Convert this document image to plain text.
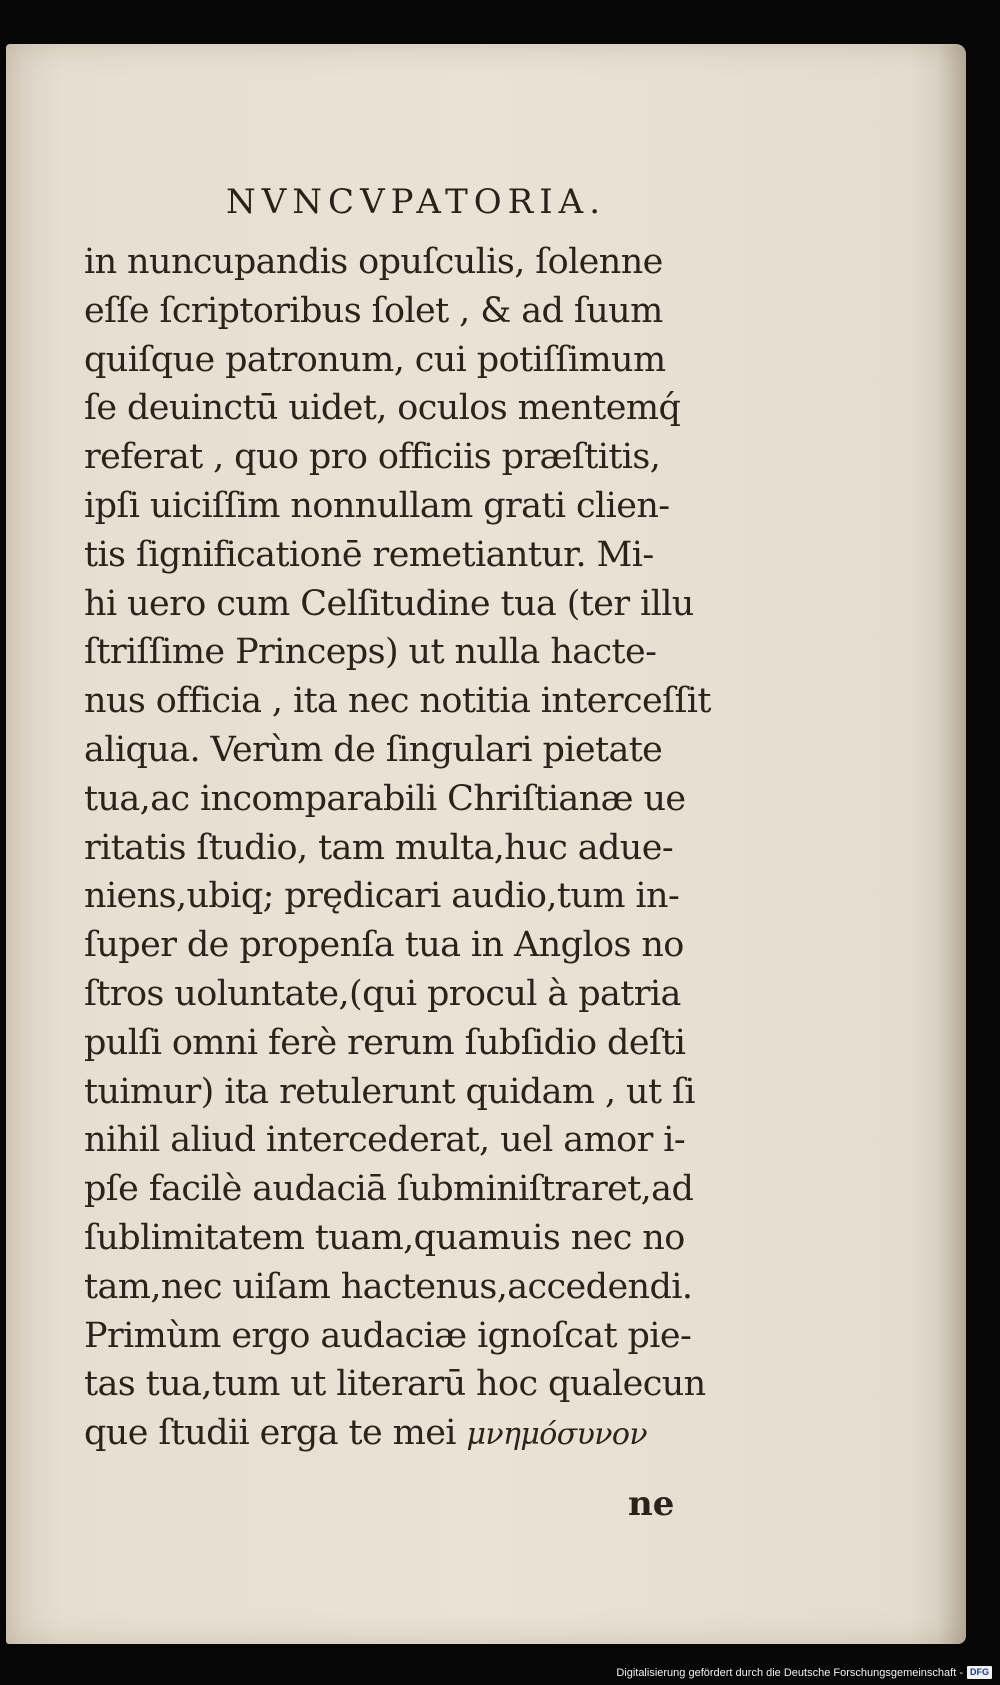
NVNCVPATORIA.
in nuncupandis opuſculis, ſolenne
eſſe ſcriptoribus ſolet , & ad ſuum
quiſque patronum, cui potiſſimum
ſe deuinctū uidet, oculos mentemq́
referat , quo pro officiis præſtitis,
ipſi uiciſſim nonnullam grati clien-
tis ſignificationē remetiantur. Mi-
hi uero cum Celſitudine tua (ter illu
ſtriſſime Princeps) ut nulla hacte-
nus officia , ita nec notitia interceſſit
aliqua. Verùm de ſingulari pietate
tua,ac incomparabili Chriſtianæ ue
ritatis ſtudio, tam multa,huc adue-
niens,ubiq; prędicari audio,tum in-
ſuper de propenſa tua in Anglos no
ſtros uoluntate,(qui procul à patria
pulſi omni ferè rerum ſubſidio deſti
tuimur) ita retulerunt quidam , ut ſi
nihil aliud intercederat, uel amor i-
pſe facilè audaciā ſubminiſtraret,ad
ſublimitatem tuam,quamuis nec no
tam,nec uiſam hactenus,accedendi.
Primùm ergo audaciæ ignoſcat pie-
tas tua,tum ut literarū hoc qualecun
que ſtudii erga te mei μνημόσυνον
ne
Digitalisierung gefördert durch die Deutsche Forschungsgemeinschaft - DFG
